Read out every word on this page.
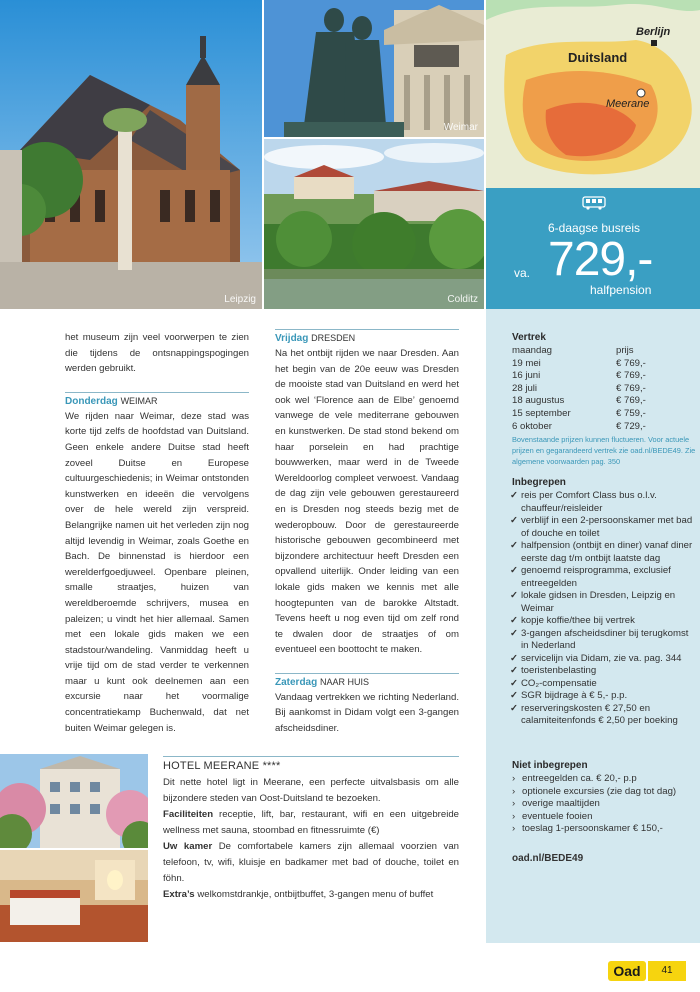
Leipzig
Weimar
Colditz
Duitsland
Berlijn
Meerane
6-daagse busreis
va. 729,-
halfpension

het museum zijn veel voorwerpen te zien die tijdens de ontsnappingspogingen werden gebruikt.

Donderdag WEIMAR

We rijden naar Weimar, deze stad was korte tijd zelfs de hoofdstad van Duitsland. Geen enkele andere Duitse stad heeft zoveel Duitse en Europese cultuurgeschiedenis; in Weimar ontstonden kunstwerken en ideeën die vervolgens over de hele wereld zijn verspreid. Belangrijke namen uit het verleden zijn nog altijd levendig in Weimar, zoals Goethe en Bach. De binnenstad is hierdoor een werelderfgoedjuweel. Openbare pleinen, smalle straatjes, huizen van wereldberoemde schrijvers, musea en paleizen; u vindt het hier allemaal. Samen met een lokale gids maken we een stadstour/wandeling. Vanmiddag heeft u vrije tijd om de stad verder te verkennen maar u kunt ook deelnemen aan een excursie naar het voormalige concentratiekamp Buchenwald, dat net buiten Weimar gelegen is.

Vrijdag DRESDEN

Na het ontbijt rijden we naar Dresden. Aan het begin van de 20e eeuw was Dresden de mooiste stad van Duitsland en werd het ook wel ‘Florence aan de Elbe’ genoemd vanwege de vele mediterrane gebouwen en kunstwerken. De stad stond bekend om haar porselein en had prachtige bouwwerken, maar werd in de Tweede Wereldoorlog compleet verwoest. Vandaag de dag zijn vele gebouwen gerestaureerd en is Dresden nog steeds bezig met de wederopbouw. Door de gerestaureerde historische gebouwen gecombineerd met bijzondere architectuur heeft Dresden een opvallend uiterlijk. Onder leiding van een lokale gids maken we kennis met alle hoogtepunten van de barokke Altstadt. Tevens heeft u nog even tijd om zelf rond te dwalen door de straatjes of om eventueel een boottocht te maken.

Zaterdag NAAR HUIS

Vandaag vertrekken we richting Nederland. Bij aankomst in Didam volgt een 3-gangen afscheidsdiner.

HOTEL MEERANE ****
Dit nette hotel ligt in Meerane, een perfecte uitvalsbasis om alle bijzondere steden van Oost-Duitsland te bezoeken.
Faciliteiten receptie, lift, bar, restaurant, wifi en een uitgebreide wellness met sauna, stoombad en fitnessruimte (€)
Uw kamer De comfortabele kamers zijn allemaal voorzien van telefoon, tv, wifi, kluisje en badkamer met bad of douche, toilet en föhn.
Extra’s welkomstdrankje, ontbijtbuffet, 3-gangen menu of buffet
Vertrek
maandag	prijs
19 mei	€ 769,-
16 juni	€ 769,-
28 juli	€ 769,-
18 augustus	€ 769,-
15 september	€ 759,-
6 oktober	€ 729,-
Bovenstaande prijzen kunnen fluctueren. Voor actuele prijzen en gegarandeerd vertrek zie oad.nl/BEDE49. Zie algemene voorwaarden pag. 350
Inbegrepen
✓ reis per Comfort Class bus o.l.v. chauffeur/reisleider
✓ verblijf in een 2-persoonskamer met bad of douche en toilet
✓ halfpension (ontbijt en diner) vanaf diner eerste dag t/m ontbijt laatste dag
✓ genoemd reisprogramma, exclusief entreegelden
✓ lokale gidsen in Dresden, Leipzig en Weimar
✓ kopje koffie/thee bij vertrek
✓ 3-gangen afscheidsdiner bij terugkomst in Nederland
✓ servicelijn via Didam, zie va. pag. 344
✓ toeristenbelasting
✓ CO₂-compensatie
✓ SGR bijdrage à € 5,- p.p.
✓ reserveringskosten € 27,50 en calamiteitenfonds € 2,50 per boeking
Niet inbegrepen
› entreegelden ca. € 20,- p.p
› optionele excursies (zie dag tot dag)
› overige maaltijden
› eventuele fooien
› toeslag 1-persoonskamer € 150,-
oad.nl/BEDE49
Oad	41
